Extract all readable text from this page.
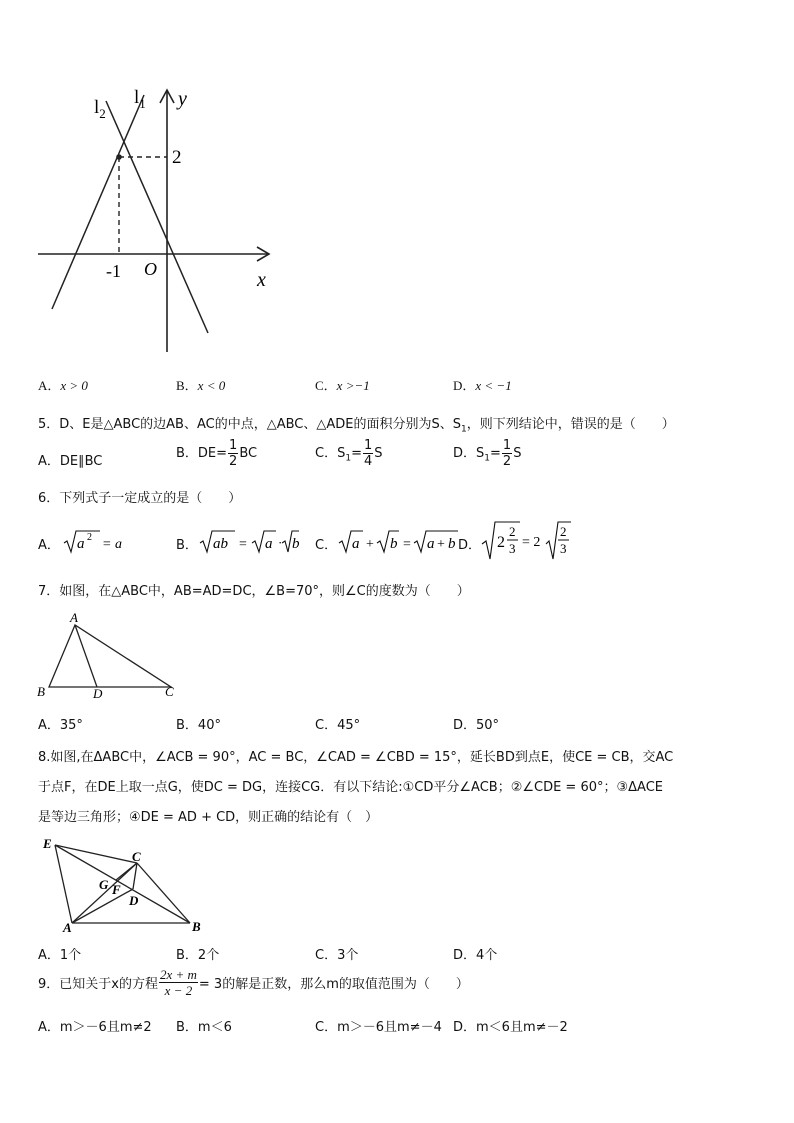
y
x
O
2
-1
$l_2$
$l_1$
A．x > 0	B．x < 0	C．x >−1	D．x < −1
5．D、E是△ABC的边AB、AC的中点，△ABC、△ADE的面积分别为S、$S_1$，则下列结论中，错误的是（　　）
A．DE∥BC
B．$DE= \frac{1}{2}$ BC	C．$S_1= \frac{1}{4}$ S	D．$S_1= \frac{1}{2}$ S
6．下列式子一定成立的是（　　）
A． a 2 = a	B． ab = a · b C． a + b = a + b D． 2
2
3 = 2
2
3
7．如图，在△ABC中，AB=AD=DC，∠B=70°，则∠C的度数为（　　）
A
B	D	C
A．35°	B．40°	C．45°	D．50°
8.如图,在ΔABC中，∠ACB = 90°，AC = BC，∠CAD = ∠CBD = 15°，延长BD到点E，使CE = CB，交AC
于点F，在DE上取一点G，使DC = DG，连接CG．有以下结论:①CD平分∠ACB；②∠CDE = 60°；③ΔACE
是等边三角形；④DE = AD + CD，则正确的结论有（　）
E
C
G F
D
A	B
A．1个	B．2个	C．3个	D．4个
9．已知关于x的方程 $\frac{2x + m}{x - 2} = 3$的解是正数，那么m的取值范围为（　　）
A．m＞－6且m≠2 B．m＜6	C．m＞－6且m≠－4 D．m＜6且m≠－2
